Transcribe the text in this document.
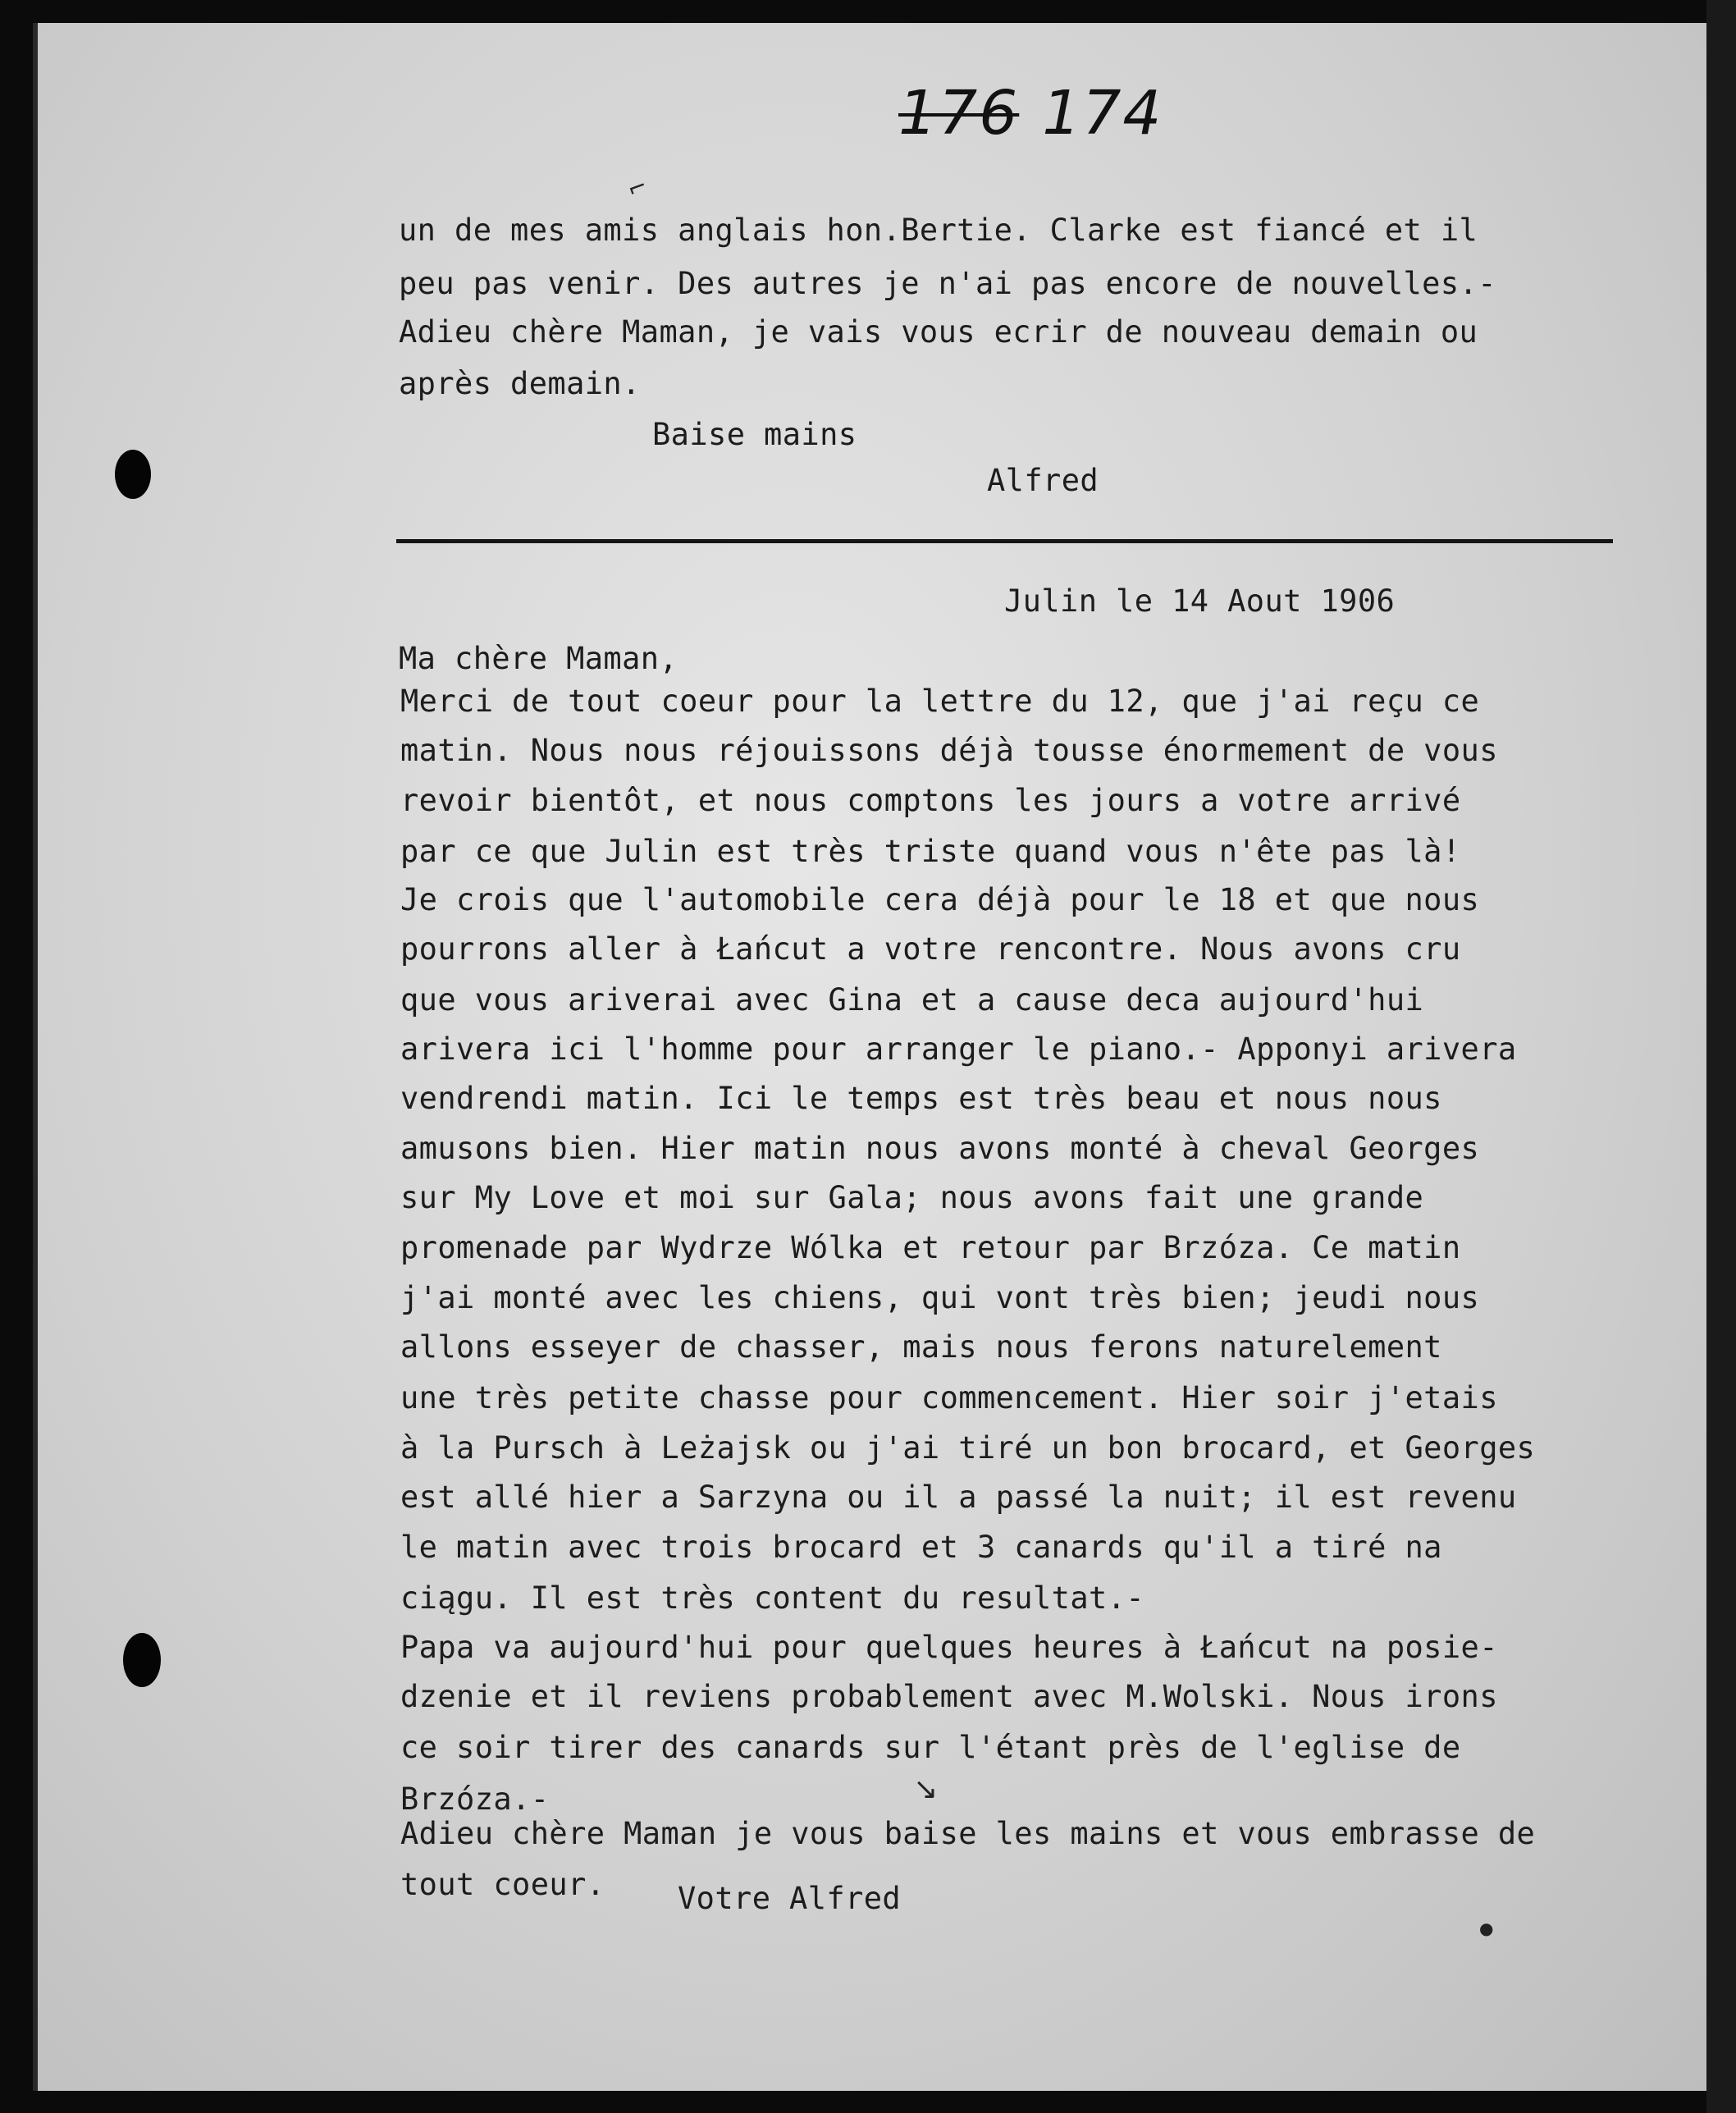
176 174
⌐
un de mes amis anglais hon.Bertie. Clarke est fiancé et il
peu pas venir. Des autres je n'ai pas encore de nouvelles.-
Adieu chère Maman, je vais vous ecrir de nouveau demain ou
après demain.
Baise mains
Alfred
Julin le 14 Aout 1906
Ma chère Maman,
Merci de tout coeur pour la lettre du 12, que j'ai reçu ce
matin. Nous nous réjouissons déjà tousse énormement de vous
revoir bientôt, et nous comptons les jours a votre arrivé
par ce que Julin est très triste quand vous n'ête pas là!
Je crois que l'automobile cera déjà pour le 18 et que nous
pourrons aller à Łańcut a votre rencontre. Nous avons cru
que vous ariverai avec Gina et a cause deca aujourd'hui
arivera ici l'homme pour arranger le piano.- Apponyi arivera
vendrendi matin. Ici le temps est très beau et nous nous
amusons bien. Hier matin nous avons monté à cheval Georges
sur My Love et moi sur Gala; nous avons fait une grande
promenade par Wydrze Wólka et retour par Brzóza. Ce matin
j'ai monté avec les chiens, qui vont très bien; jeudi nous
allons esseyer de chasser, mais nous ferons naturelement
une très petite chasse pour commencement. Hier soir j'etais
à la Pursch à Leżajsk ou j'ai tiré un bon brocard, et Georges
est allé hier a Sarzyna ou il a passé la nuit; il est revenu
le matin avec trois brocard et 3 canards qu'il a tiré na
ciągu. Il est très content du resultat.-
Papa va aujourd'hui pour quelques heures à Łańcut na posie-
dzenie et il reviens probablement avec M.Wolski. Nous irons
ce soir tirer des canards sur l'étant près de l'eglise de
Brzóza.-
Adieu chère Maman je vous baise les mains et vous embrasse de
tout coeur. Votre Alfred
↘
●
